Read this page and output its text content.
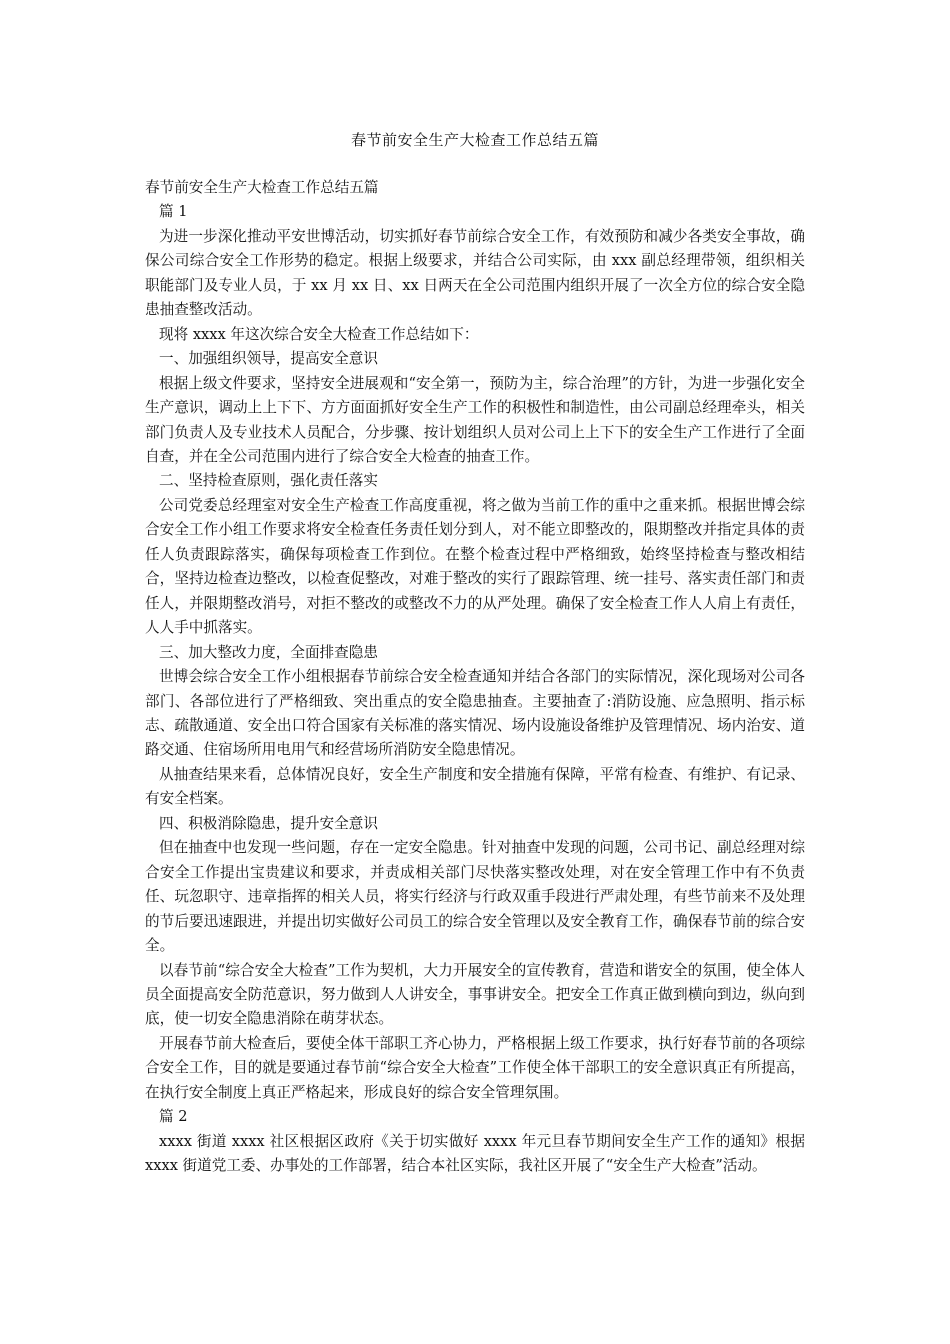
春节前安全生产大检查工作总结五篇

春节前安全生产大检查工作总结五篇

篇 1

为进一步深化推动平安世博活动，切实抓好春节前综合安全工作，有效预防和减少各类安全事故，确保公司综合安全工作形势的稳定。根据上级要求，并结合公司实际，由 xxx 副总经理带领，组织相关职能部门及专业人员，于 xx 月 xx 日、xx 日两天在全公司范围内组织开展了一次全方位的综合安全隐患抽查整改活动。

现将 xxxx 年这次综合安全大检查工作总结如下：

一、加强组织领导，提高安全意识

根据上级文件要求，坚持安全进展观和“安全第一，预防为主，综合治理”的方针，为进一步强化安全生产意识，调动上上下下、方方面面抓好安全生产工作的积极性和制造性，由公司副总经理牵头，相关部门负责人及专业技术人员配合，分步骤、按计划组织人员对公司上上下下的安全生产工作进行了全面自查，并在全公司范围内进行了综合安全大检查的抽查工作。

二、坚持检查原则，强化责任落实

公司党委总经理室对安全生产检查工作高度重视，将之做为当前工作的重中之重来抓。根据世博会综合安全工作小组工作要求将安全检查任务责任划分到人，对不能立即整改的，限期整改并指定具体的责任人负责跟踪落实，确保每项检查工作到位。在整个检查过程中严格细致，始终坚持检查与整改相结合，坚持边检查边整改，以检查促整改，对难于整改的实行了跟踪管理、统一挂号、落实责任部门和责任人，并限期整改消号，对拒不整改的或整改不力的从严处理。确保了安全检查工作人人肩上有责任，人人手中抓落实。

三、加大整改力度，全面排查隐患

世博会综合安全工作小组根据春节前综合安全检查通知并结合各部门的实际情况，深化现场对公司各部门、各部位进行了严格细致、突出重点的安全隐患抽查。主要抽查了:消防设施、应急照明、指示标志、疏散通道、安全出口符合国家有关标准的落实情况、场内设施设备维护及管理情况、场内治安、道路交通、住宿场所用电用气和经营场所消防安全隐患情况。

从抽查结果来看，总体情况良好，安全生产制度和安全措施有保障，平常有检查、有维护、有记录、有安全档案。

四、积极消除隐患，提升安全意识

但在抽查中也发现一些问题，存在一定安全隐患。针对抽查中发现的问题，公司书记、副总经理对综合安全工作提出宝贵建议和要求，并责成相关部门尽快落实整改处理，对在安全管理工作中有不负责任、玩忽职守、违章指挥的相关人员，将实行经济与行政双重手段进行严肃处理，有些节前来不及处理的节后要迅速跟进，并提出切实做好公司员工的综合安全管理以及安全教育工作，确保春节前的综合安全。

以春节前“综合安全大检查”工作为契机，大力开展安全的宣传教育，营造和谐安全的氛围，使全体人员全面提高安全防范意识，努力做到人人讲安全，事事讲安全。把安全工作真正做到横向到边，纵向到底，使一切安全隐患消除在萌芽状态。

开展春节前大检查后，要使全体干部职工齐心协力，严格根据上级工作要求，执行好春节前的各项综合安全工作，目的就是要通过春节前“综合安全大检查”工作使全体干部职工的安全意识真正有所提高，在执行安全制度上真正严格起来，形成良好的综合安全管理氛围。

篇 2

xxxx 街道 xxxx 社区根据区政府《关于切实做好 xxxx 年元旦春节期间安全生产工作的通知》根据 xxxx 街道党工委、办事处的工作部署，结合本社区实际，我社区开展了“安全生产大检查”活动。
